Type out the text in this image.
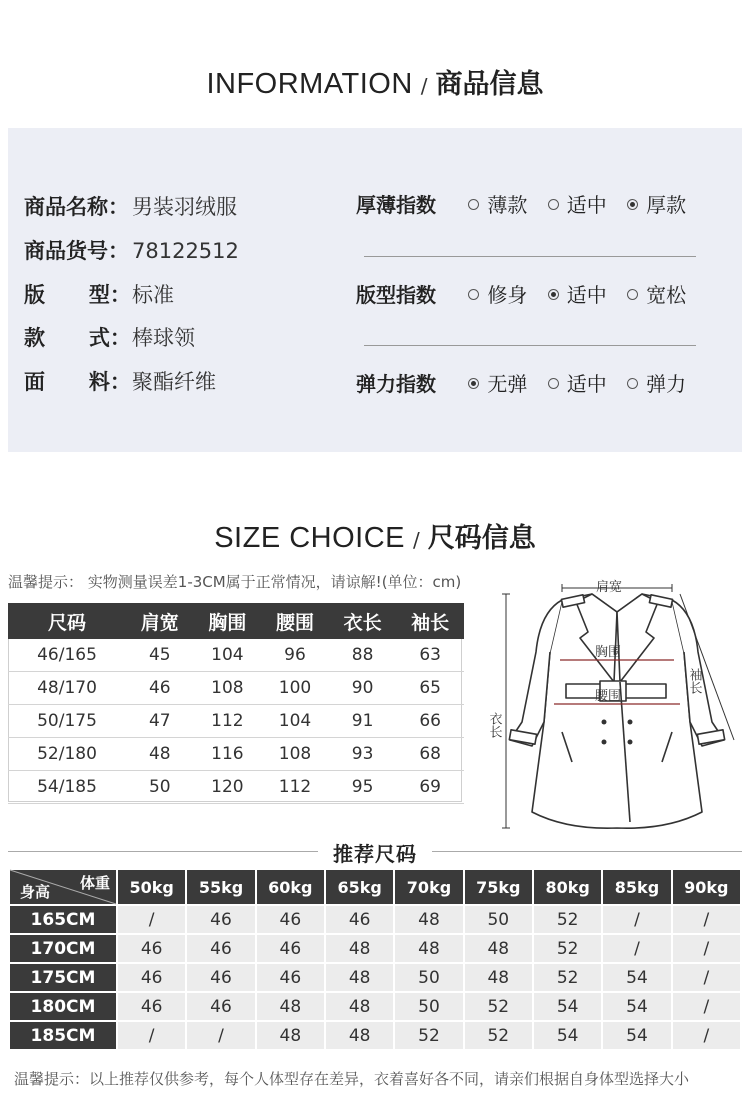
INFORMATION / 商品信息
商品名称： 男装羽绒服
商品货号： 78122512
版      型：标准
款      式：棒球领
面      料：聚酯纤维
厚薄指数	薄款 适中 厚款
版型指数	修身 适中 宽松
弹力指数	无弹 适中 弹力
SIZE CHOICE / 尺码信息
温馨提示： 实物测量误差1-3CM属于正常情况，请谅解!(单位：cm)
尺码	肩宽	胸围	腰围	衣长	袖长
46/165	45	104	96	88	63
48/170	46	108	100	90	65
50/175	47	112	104	91	66
52/180	48	116	108	93	68
54/185	50	120	112	95	69
肩宽
胸围
腰围
衣长
袖长
推荐尺码
体重
身高	50kg	55kg	60kg	65kg	70kg	75kg	80kg	85kg	90kg
165CM	/	46	46	46	48	50	52	/	/
170CM	46	46	46	48	48	48	52	/	/
175CM	46	46	46	48	50	48	52	54	/
180CM	46	46	48	48	50	52	54	54	/
185CM	/	/	48	48	52	52	54	54	/
温馨提示：以上推荐仅供参考，每个人体型存在差异，衣着喜好各不同，请亲们根据自身体型选择大小
